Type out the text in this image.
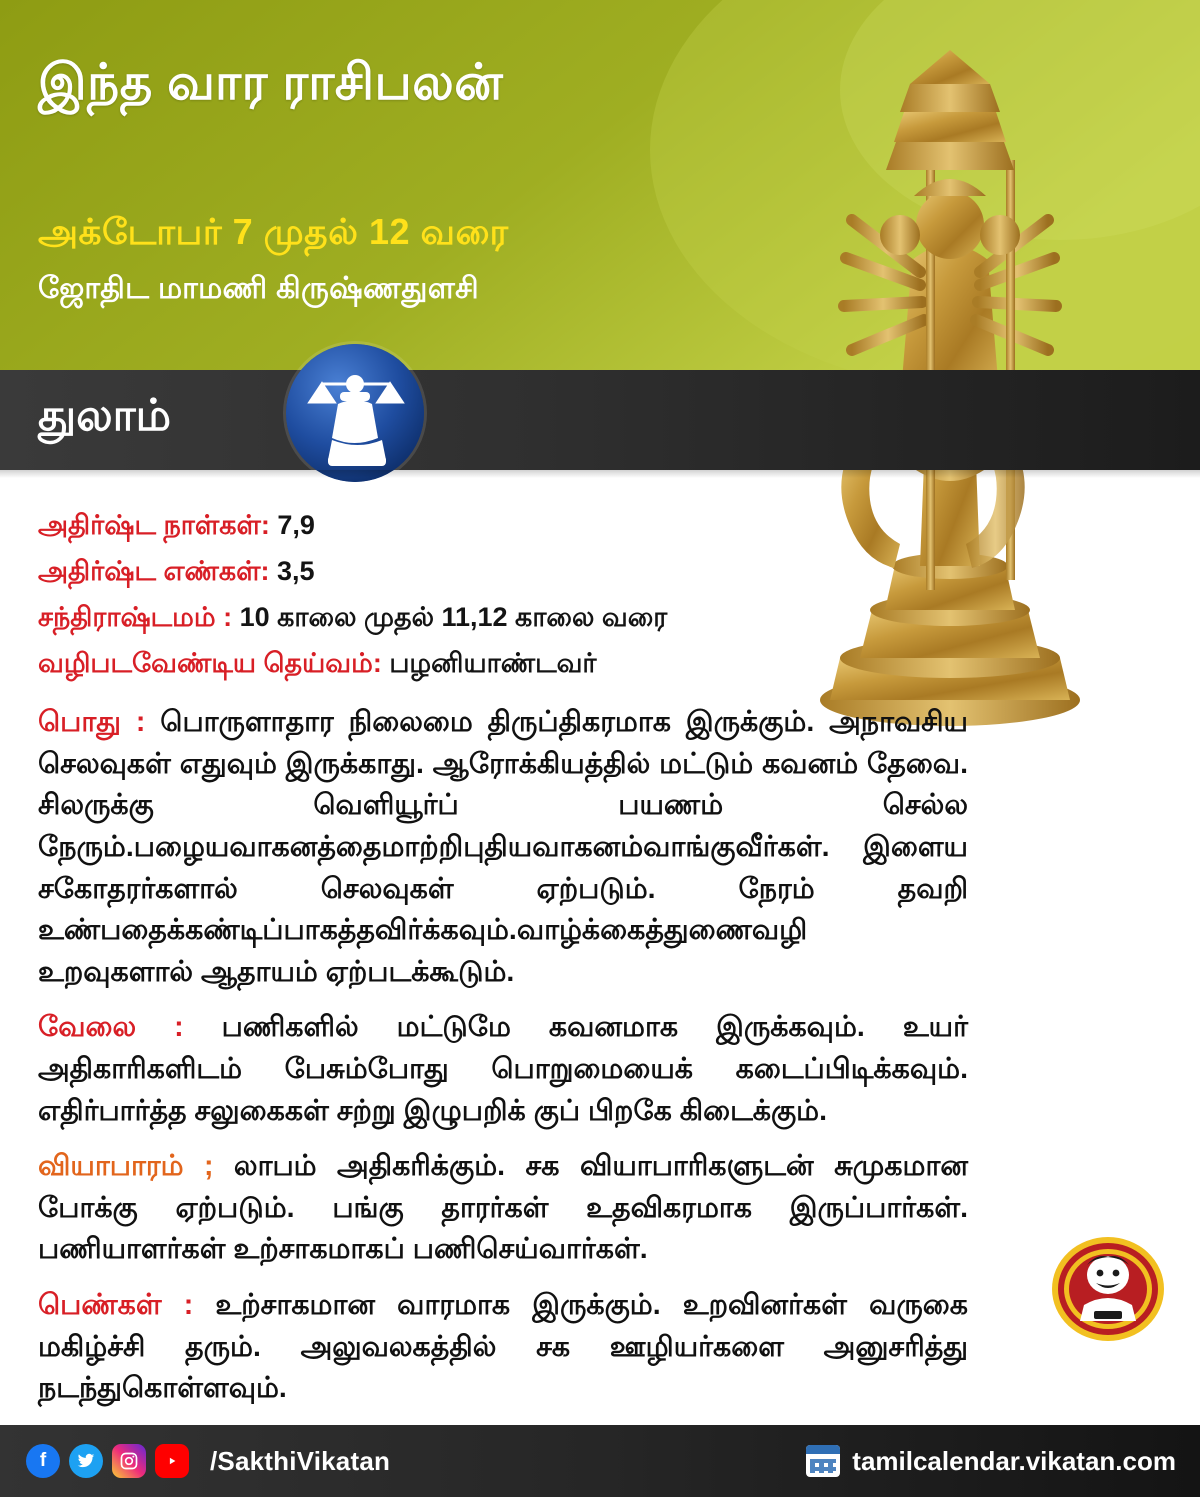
இந்த வார ராசிபலன்
அக்டோபர் 7 முதல் 12 வரை
ஜோதிட மாமணி கிருஷ்ணதுளசி
துலாம்
அதிர்ஷ்ட நாள்கள்: 7,9
அதிர்ஷ்ட எண்கள்: 3,5
சந்திராஷ்டமம் : 10 காலை முதல் 11,12 காலை வரை
வழிபடவேண்டிய தெய்வம்: பழனியாண்டவர்

பொது : பொருளாதார நிலைமை திருப்திகரமாக இருக்கும். அநாவசிய செலவுகள் எதுவும் இருக்காது. ஆரோக்கியத்தில் மட்டும் கவனம் தேவை. சிலருக்கு வெளியூர்ப் பயணம் செல்ல நேரும்.பழையவாகனத்தைமாற்றிபுதியவாகனம்வாங்குவீர்கள். இளைய சகோதரர்களால் செலவுகள் ஏற்படும். நேரம் தவறி உண்பதைக்கண்டிப்பாகத்தவிர்க்கவும்.வாழ்க்கைத்துணைவழி உறவுகளால் ஆதாயம் ஏற்படக்கூடும்.

வேலை : பணிகளில் மட்டுமே கவனமாக இருக்கவும். உயர் அதிகாரிகளிடம் பேசும்போது பொறுமையைக் கடைப்பிடிக்கவும். எதிர்பார்த்த சலுகைகள் சற்று இழுபறிக் குப் பிறகே கிடைக்கும்.

வியாபாரம் ; லாபம் அதிகரிக்கும். சக வியாபாரிகளுடன் சுமுகமான போக்கு ஏற்படும். பங்கு தாரர்கள் உதவிகரமாக இருப்பார்கள். பணியாளர்கள் உற்சாகமாகப் பணிசெய்வார்கள்.

பெண்கள் : உற்சாகமான வாரமாக இருக்கும். உறவினர்கள் வருகை மகிழ்ச்சி தரும். அலுவலகத்தில் சக ஊழியர்களை அனுசரித்து நடந்துகொள்ளவும்.

f	/SakthiVikatan	tamilcalendar.vikatan.com
